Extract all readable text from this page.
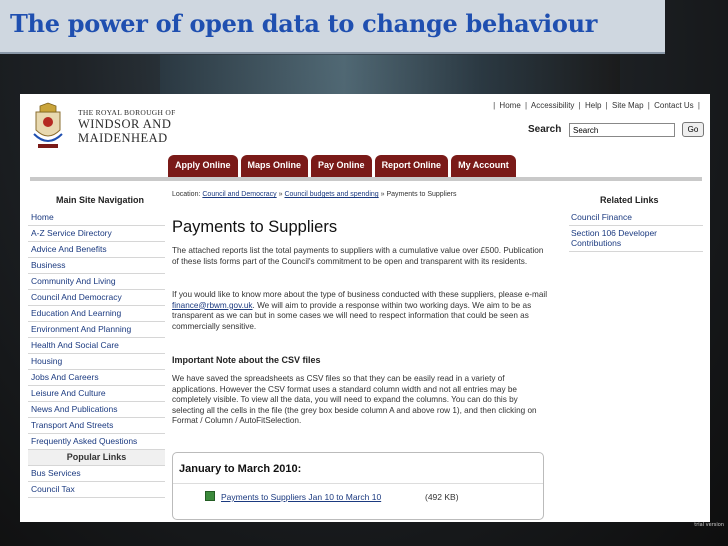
The power of open data to change behaviour
THE ROYAL BOROUGH OF
WINDSOR AND
MAIDENHEAD
| Home | Accessibility | Help | Site Map | Contact Us |
Search
Search	Go
Apply Online	Maps Online	Pay Online	Report Online	My Account
Main Site Navigation
Home
A-Z Service Directory
Advice And Benefits
Business
Community And Living
Council And Democracy
Education And Learning
Environment And Planning
Health And Social Care
Housing
Jobs And Careers
Leisure And Culture
News And Publications
Transport And Streets
Frequently Asked Questions
Popular Links
Bus Services
Council Tax
Location: Council and Democracy » Council budgets and spending » Payments to Suppliers
Payments to Suppliers
The attached reports list the total payments to suppliers with a cumulative value over £500. Publication of these lists forms part of the Council's commitment to be open and transparent with its residents.
If you would like to know more about the type of business conducted with these suppliers, please e-mail finance@rbwm.gov.uk. We will aim to provide a response within two working days. We aim to be as transparent as we can but in some cases we will need to respect information that could be seen as commercially sensitive.
Important Note about the CSV files
We have saved the spreadsheets as CSV files so that they can be easily read in a variety of applications. However the CSV format uses a standard column width and not all entries may be completely visible. To view all the data, you will need to expand the columns. You can do this by selecting all the cells in the file (the grey box beside column A and above row 1), and then clicking on Format / Column / AutoFitSelection.
January to March 2010:
Payments to Suppliers Jan 10 to March 10	(492 KB)
Related Links
Council Finance
Section 106 Developer Contributions
trial version
